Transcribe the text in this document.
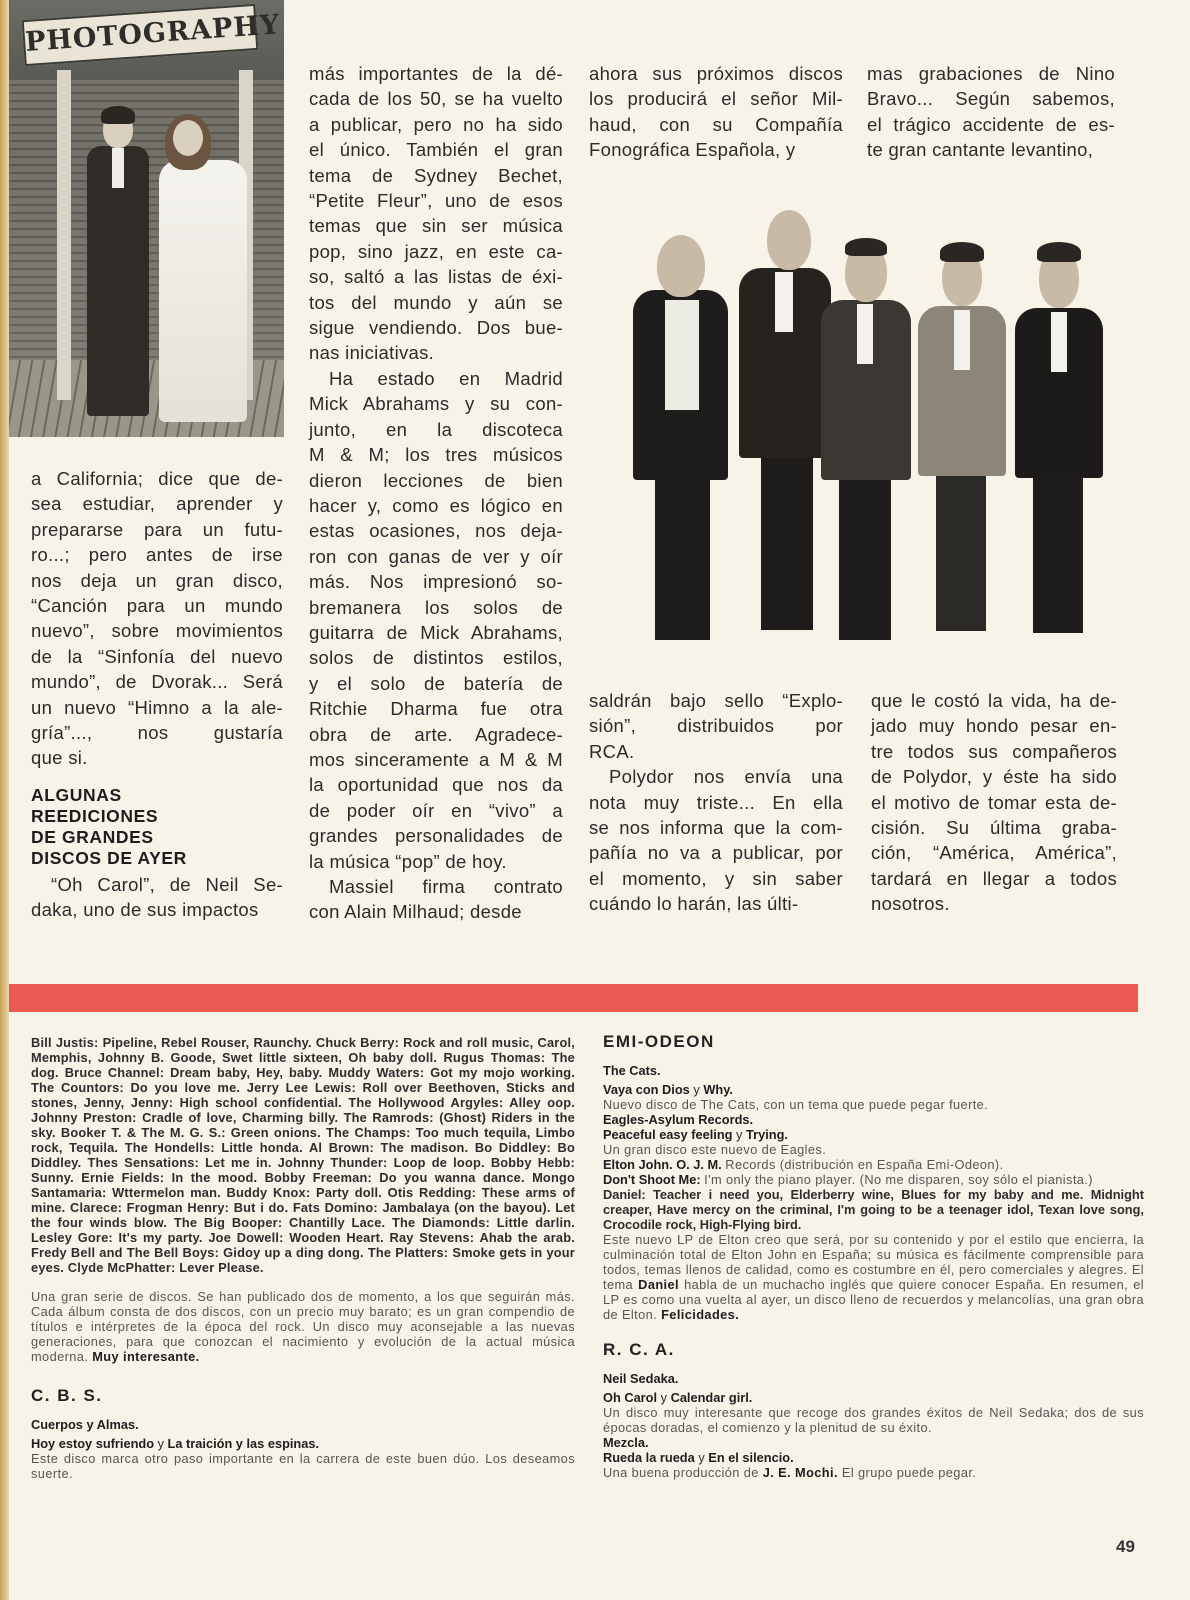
PHOTOGRAPHY

a California; dice que de-

sea estudiar, aprender y

prepararse para un futu-

ro...; pero antes de irse

nos deja un gran disco,

“Canción para un mundo

nuevo”, sobre movimientos

de la “Sinfonía del nuevo

mundo”, de Dvorak... Será

un nuevo “Himno a la ale-

gría”..., nos gustaría

que si.

ALGUNAS

REEDICIONES

DE GRANDES

DISCOS DE AYER

“Oh Carol”, de Neil Se-

daka, uno de sus impactos

más importantes de la dé-

cada de los 50, se ha vuelto

a publicar, pero no ha sido

el único. También el gran

tema de Sydney Bechet,

“Petite Fleur”, uno de esos

temas que sin ser música

pop, sino jazz, en este ca-

so, saltó a las listas de éxi-

tos del mundo y aún se

sigue vendiendo. Dos bue-

nas iniciativas.

Ha estado en Madrid

Mick Abrahams y su con-

junto, en la discoteca

M & M; los tres músicos

dieron lecciones de bien

hacer y, como es lógico en

estas ocasiones, nos deja-

ron con ganas de ver y oír

más. Nos impresionó so-

bremanera los solos de

guitarra de Mick Abrahams,

solos de distintos estilos,

y el solo de batería de

Ritchie Dharma fue otra

obra de arte. Agradece-

mos sinceramente a M & M

la oportunidad que nos da

de poder oír en “vivo” a

grandes personalidades de

la música “pop” de hoy.

Massiel firma contrato

con Alain Milhaud; desde

ahora sus próximos discos

los producirá el señor Mil-

haud, con su Compañía

Fonográfica Española, y

saldrán bajo sello “Explo-

sión”, distribuidos por

RCA.

Polydor nos envía una

nota muy triste... En ella

se nos informa que la com-

pañía no va a publicar, por

el momento, y sin saber

cuándo lo harán, las últi-

mas grabaciones de Nino

Bravo... Según sabemos,

el trágico accidente de es-

te gran cantante levantino,

que le costó la vida, ha de-

jado muy hondo pesar en-

tre todos sus compañeros

de Polydor, y éste ha sido

el motivo de tomar esta de-

cisión. Su última graba-

ción, “América, América”,

tardará en llegar a todos

nosotros.

Bill Justis: Pipeline, Rebel Rouser, Raunchy. Chuck Berry: Rock and roll music, Carol, Memphis, Johnny B. Goode, Swet little sixteen, Oh baby doll. Rugus Thomas: The dog. Bruce Channel: Dream baby, Hey, baby. Muddy Waters: Got my mojo working. The Countors: Do you love me. Jerry Lee Lewis: Roll over Beethoven, Sticks and stones, Jenny, Jenny: High school confidential. The Hollywood Argyles: Alley oop. Johnny Preston: Cradle of love, Charming billy. The Ramrods: (Ghost) Riders in the sky. Booker T. & The M. G. S.: Green onions. The Champs: Too much tequila, Limbo rock, Tequila. The Hondells: Little honda. Al Brown: The madison. Bo Diddley: Bo Diddley. Thes Sensations: Let me in. Johnny Thunder: Loop de loop. Bobby Hebb: Sunny. Ernie Fields: In the mood. Bobby Freeman: Do you wanna dance. Mongo Santamaria: Wttermelon man. Buddy Knox: Party doll. Otis Redding: These arms of mine. Clarece: Frogman Henry: But i do. Fats Domino: Jambalaya (on the bayou). Let the four winds blow. The Big Booper: Chantilly Lace. The Diamonds: Little darlin. Lesley Gore: It's my party. Joe Dowell: Wooden Heart. Ray Stevens: Ahab the arab. Fredy Bell and The Bell Boys: Gidoy up a ding dong. The Platters: Smoke gets in your eyes. Clyde McPhatter: Lever Please.

Una gran serie de discos. Se han publicado dos de momento, a los que seguirán más. Cada álbum consta de dos discos, con un precio muy barato; es un gran compendio de títulos e intérpretes de la época del rock. Un disco muy aconsejable a las nuevas generaciones, para que conozcan el nacimiento y evolución de la actual música moderna. Muy interesante.

C. B. S.

Cuerpos y Almas.

Hoy estoy sufriendo y La traición y las espinas.

Este disco marca otro paso importante en la carrera de este buen dúo. Los deseamos suerte.

EMI-ODEON

The Cats.

Vaya con Dios y Why.

Nuevo disco de The Cats, con un tema que puede pegar fuerte.

Eagles-Asylum Records.

Peaceful easy feeling y Trying.

Un gran disco este nuevo de Eagles.

Elton John. O. J. M. Records (distribución en España Emi-Odeon).

Don't Shoot Me: I'm only the piano player. (No me disparen, soy sólo el pianista.)

Daniel: Teacher i need you, Elderberry wine, Blues for my baby and me. Midnight creaper, Have mercy on the criminal, I'm going to be a teenager idol, Texan love song, Crocodile rock, High-Flying bird.

Este nuevo LP de Elton creo que será, por su contenido y por el estilo que encierra, la culminación total de Elton John en España; su música es fácilmente comprensible para todos, temas llenos de calidad, como es costumbre en él, pero comerciales y alegres. El tema Daniel habla de un muchacho inglés que quiere conocer España. En resumen, el LP es como una vuelta al ayer, un disco lleno de recuerdos y melancolías, una gran obra de Elton. Felicidades.

R. C. A.

Neil Sedaka.

Oh Carol y Calendar girl.

Un disco muy interesante que recoge dos grandes éxitos de Neil Sedaka; dos de sus épocas doradas, el comienzo y la plenitud de su éxito.

Mezcla.

Rueda la rueda y En el silencio.

Una buena producción de J. E. Mochi. El grupo puede pegar.

49
